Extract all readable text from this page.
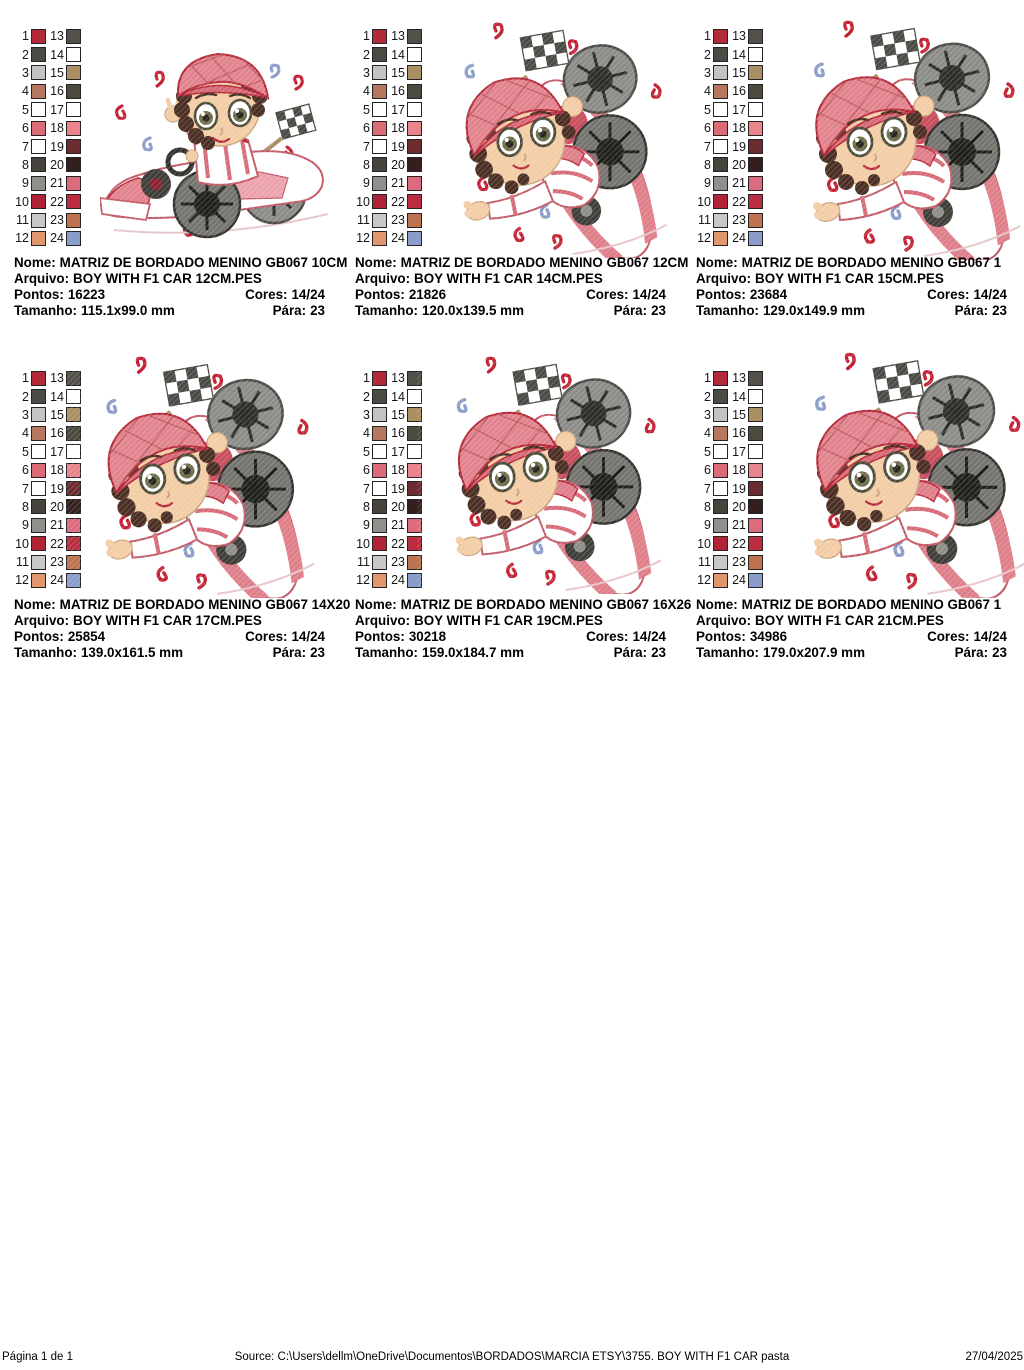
1 13
2 14
3 15
4 16
5 17
6 18
7 19
8 20
9 21
10 22
11 23
12 24
Nome: MATRIZ DE BORDADO MENINO GB067 10CM
Arquivo: BOY WITH F1 CAR 12CM.PES
Pontos: 16223	Cores: 14/24
Tamanho: 115.1x99.0 mm	Pára: 23
1 13
2 14
3 15
4 16
5 17
6 18
7 19
8 20
9 21
10 22
11 23
12 24
Nome: MATRIZ DE BORDADO MENINO GB067 12CM
Arquivo: BOY WITH F1 CAR 14CM.PES
Pontos: 21826	Cores: 14/24
Tamanho: 120.0x139.5 mm	Pára: 23
1 13
2 14
3 15
4 16
5 17
6 18
7 19
8 20
9 21
10 22
11 23
12 24
Nome: MATRIZ DE BORDADO MENINO GB067 1
Arquivo: BOY WITH F1 CAR 15CM.PES
Pontos: 23684	Cores: 14/24
Tamanho: 129.0x149.9 mm	Pára: 23
1 13
2 14
3 15
4 16
5 17
6 18
7 19
8 20
9 21
10 22
11 23
12 24
Nome: MATRIZ DE BORDADO MENINO GB067 14X20
Arquivo: BOY WITH F1 CAR 17CM.PES
Pontos: 25854	Cores: 14/24
Tamanho: 139.0x161.5 mm	Pára: 23
1 13
2 14
3 15
4 16
5 17
6 18
7 19
8 20
9 21
10 22
11 23
12 24
Nome: MATRIZ DE BORDADO MENINO GB067 16X26
Arquivo: BOY WITH F1 CAR 19CM.PES
Pontos: 30218	Cores: 14/24
Tamanho: 159.0x184.7 mm	Pára: 23
1 13
2 14
3 15
4 16
5 17
6 18
7 19
8 20
9 21
10 22
11 23
12 24
Nome: MATRIZ DE BORDADO MENINO GB067 1
Arquivo: BOY WITH F1 CAR 21CM.PES
Pontos: 34986	Cores: 14/24
Tamanho: 179.0x207.9 mm	Pára: 23
Página 1 de 1	Source: C:\Users\dellm\OneDrive\Documentos\BORDADOS\MARCIA ETSY\3755. BOY WITH F1 CAR pasta	27/04/2025
